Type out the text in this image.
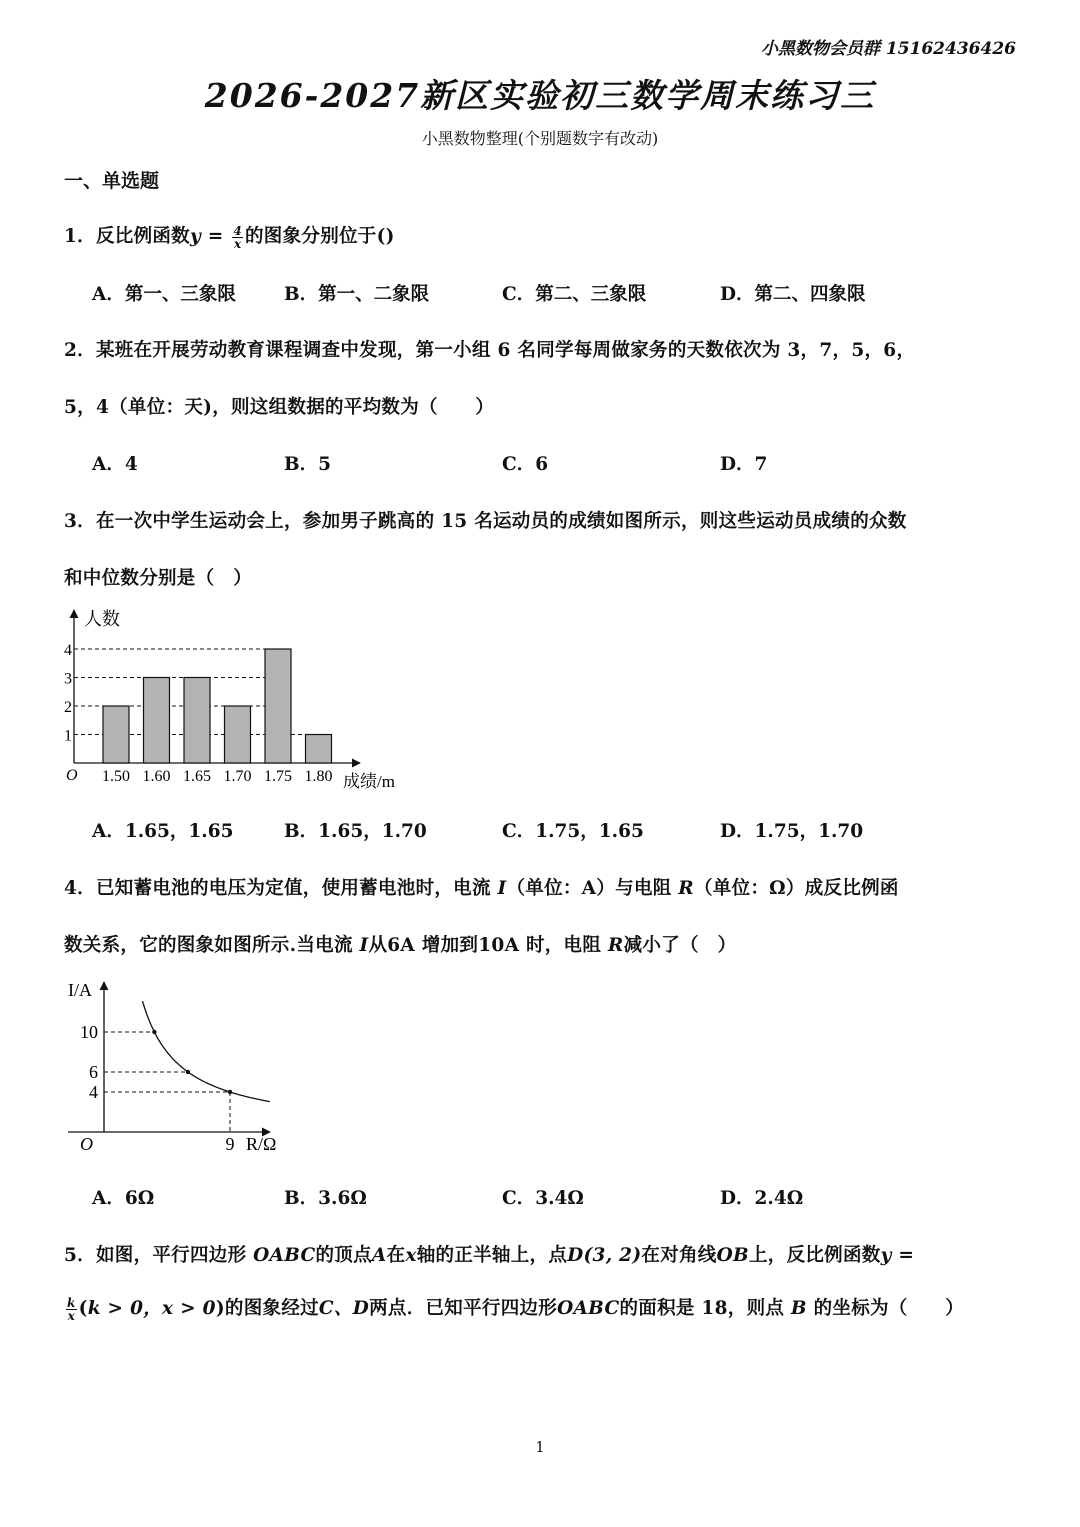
小黑数物会员群 15162436426
2026-2027新区实验初三数学周末练习三
小黑数物整理(个别题数字有改动)
一、单选题
1．反比例函数$y = \frac{4}{x}$ 的图象分别位于()
A．第一、三象限	B．第一、二象限	C．第二、三象限	D．第二、四象限
2．某班在开展劳动教育课程调查中发现，第一小组 6 名同学每周做家务的天数依次为 3，7，5，6，
5，4（单位：天)，则这组数据的平均数为（　　）
A．4	B．5	C．6	D．7
3．在一次中学生运动会上，参加男子跳高的 15 名运动员的成绩如图所示，则这些运动员成绩的众数
和中位数分别是（　）
1
2
3
4
1.50 1.60 1.65 1.70 1.75 1.80
人数
成绩/m
O
A．1.65，1.65	B．1.65，1.70	C．1.75，1.65	D．1.75，1.70
4．已知蓄电池的电压为定值，使用蓄电池时，电流 I（单位：A）与电阻 R（单位：Ω）成反比例函
数关系，它的图象如图所示.当电流 I从6A 增加到10A 时，电阻 R减小了（　）
10
6
4
9
I/A
R/Ω
O
A．6Ω	B．3.6Ω	C．3.4Ω	D．2.4Ω
5．如图，平行四边形 OABC的顶点A在x轴的正半轴上，点D(3, 2)在对角线OB上，反比例函数y =
$\frac{k}{x} (k > 0$，x > 0)的图象经过C、D两点．已知平行四边形OABC的面积是 18，则点 B 的坐标为（　　）
1
